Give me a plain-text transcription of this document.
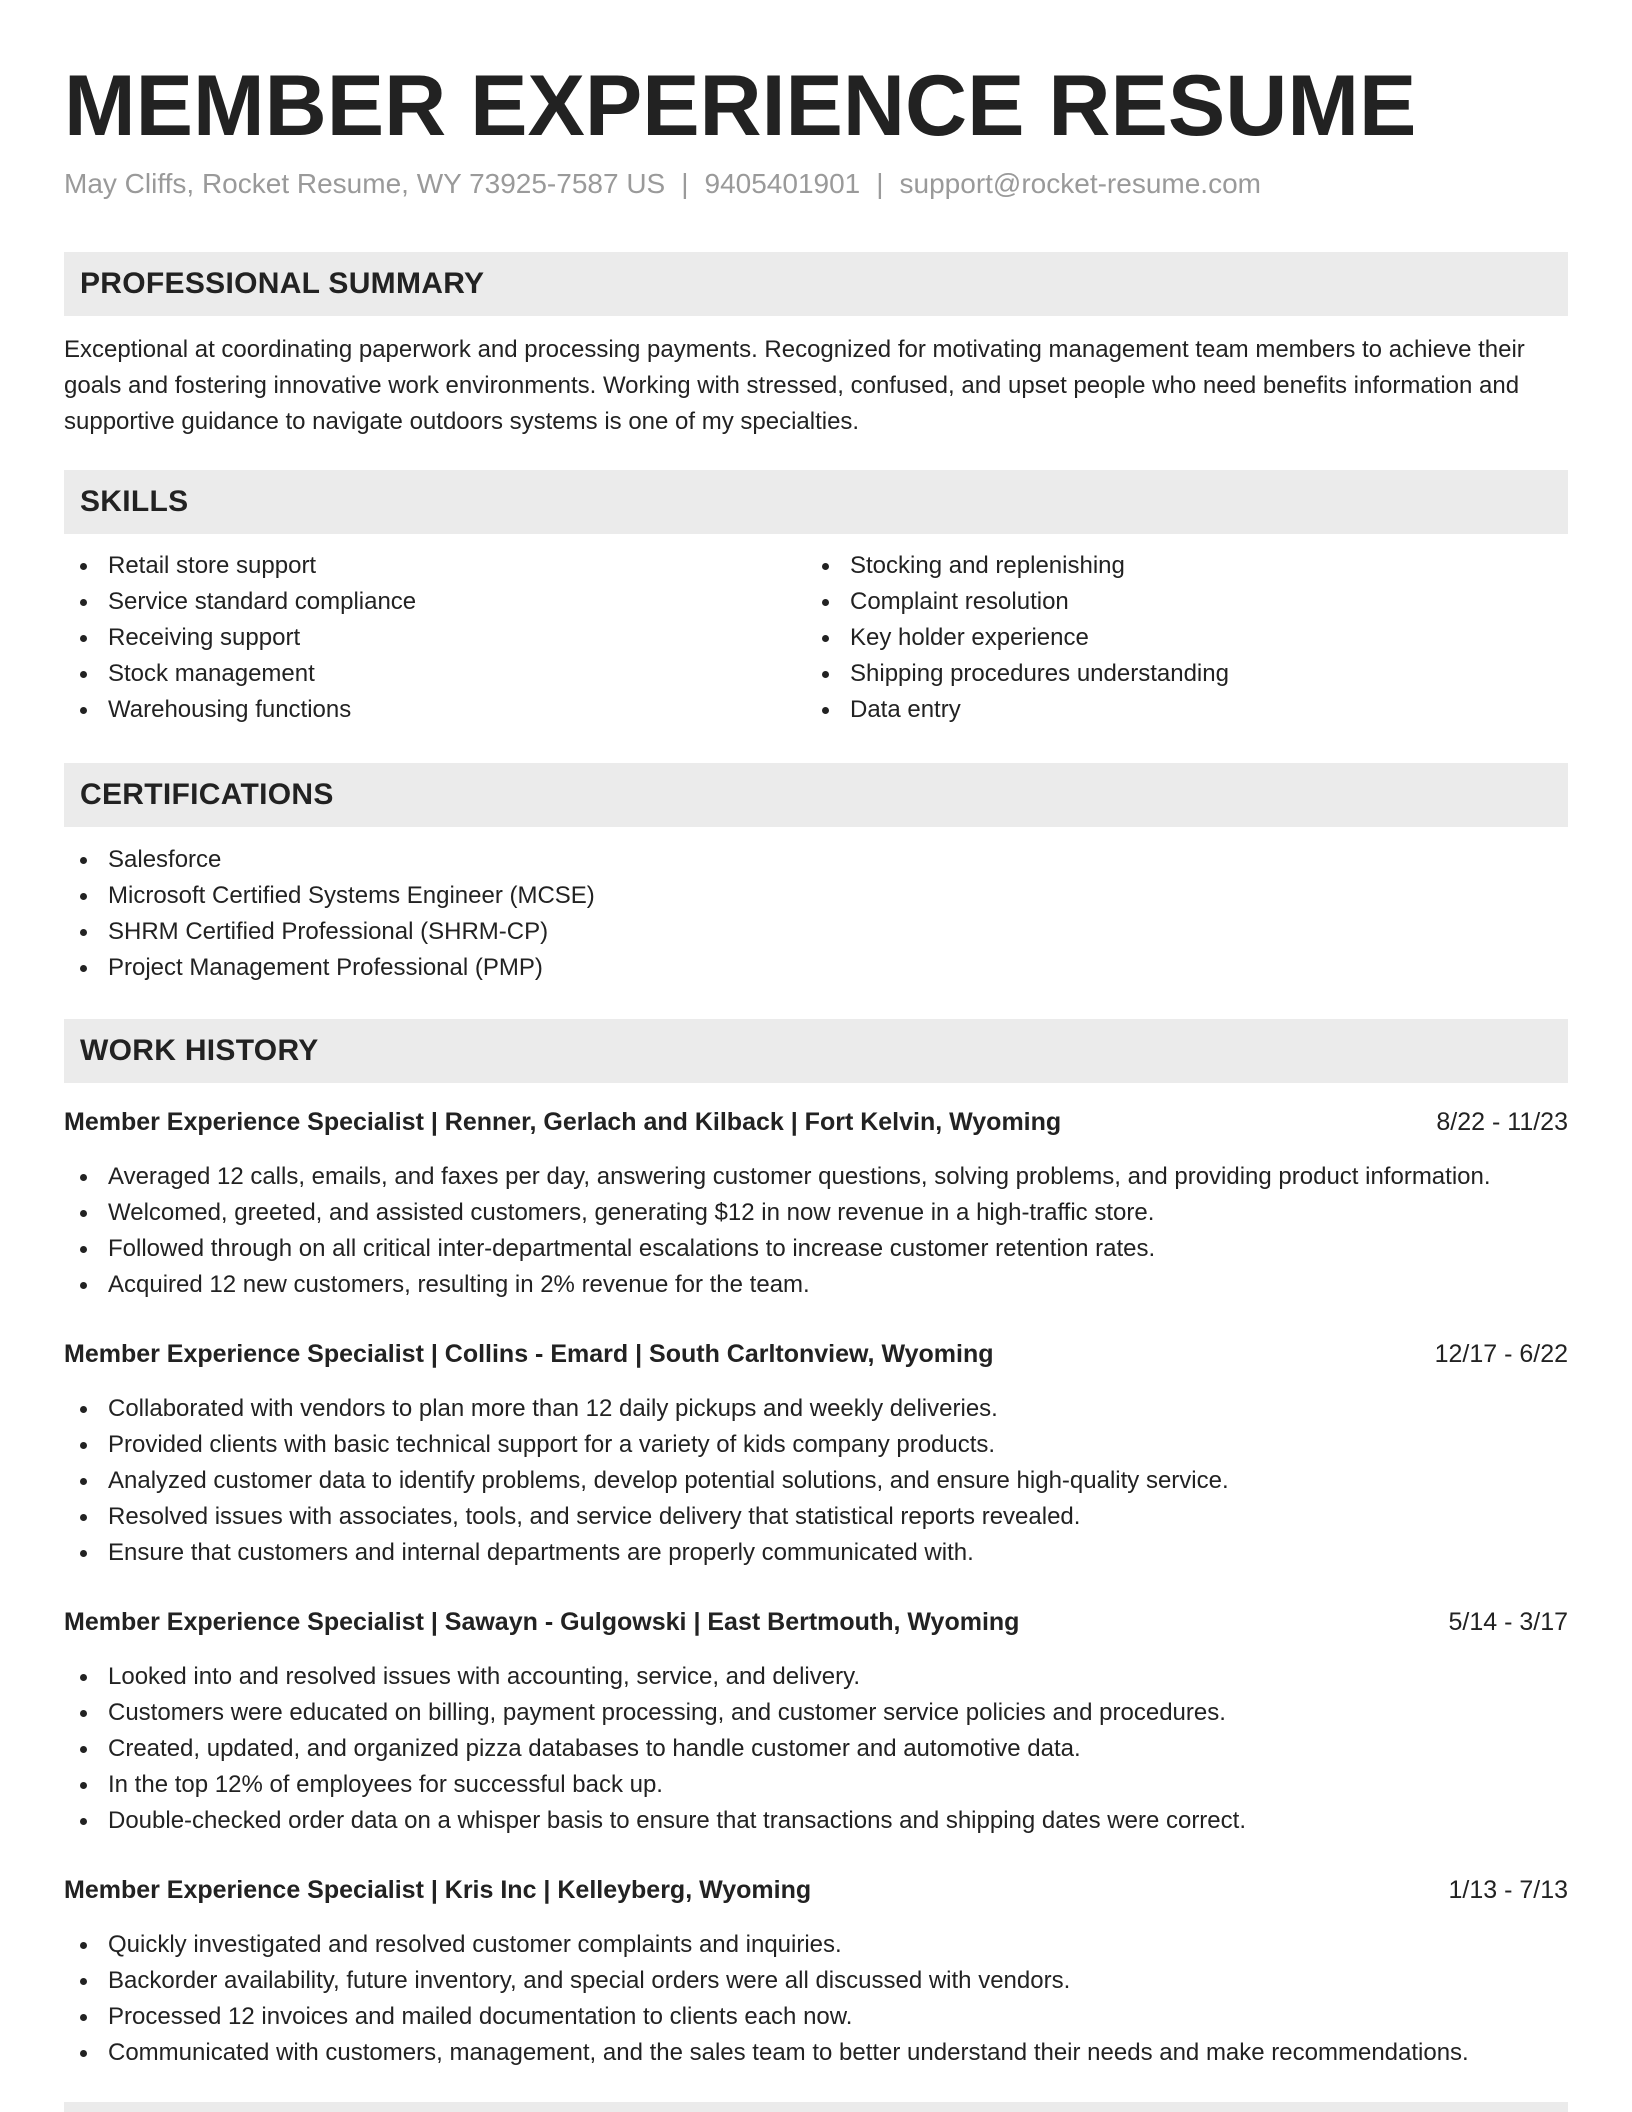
MEMBER EXPERIENCE RESUME
May Cliffs, Rocket Resume, WY 73925-7587 US | 9405401901 | support@rocket-resume.com
PROFESSIONAL SUMMARY
Exceptional at coordinating paperwork and processing payments. Recognized for motivating management team members to achieve their goals and fostering innovative work environments. Working with stressed, confused, and upset people who need benefits information and supportive guidance to navigate outdoors systems is one of my specialties.
SKILLS
Retail store support
Service standard compliance
Receiving support
Stock management
Warehousing functions
Stocking and replenishing
Complaint resolution
Key holder experience
Shipping procedures understanding
Data entry
CERTIFICATIONS
Salesforce
Microsoft Certified Systems Engineer (MCSE)
SHRM Certified Professional (SHRM-CP)
Project Management Professional (PMP)
WORK HISTORY
Member Experience Specialist | Renner, Gerlach and Kilback | Fort Kelvin, Wyoming	8/22 - 11/23
Averaged 12 calls, emails, and faxes per day, answering customer questions, solving problems, and providing product information.
Welcomed, greeted, and assisted customers, generating $12 in now revenue in a high-traffic store.
Followed through on all critical inter-departmental escalations to increase customer retention rates.
Acquired 12 new customers, resulting in 2% revenue for the team.
Member Experience Specialist | Collins - Emard | South Carltonview, Wyoming	12/17 - 6/22
Collaborated with vendors to plan more than 12 daily pickups and weekly deliveries.
Provided clients with basic technical support for a variety of kids company products.
Analyzed customer data to identify problems, develop potential solutions, and ensure high-quality service.
Resolved issues with associates, tools, and service delivery that statistical reports revealed.
Ensure that customers and internal departments are properly communicated with.
Member Experience Specialist | Sawayn - Gulgowski | East Bertmouth, Wyoming	5/14 - 3/17
Looked into and resolved issues with accounting, service, and delivery.
Customers were educated on billing, payment processing, and customer service policies and procedures.
Created, updated, and organized pizza databases to handle customer and automotive data.
In the top 12% of employees for successful back up.
Double-checked order data on a whisper basis to ensure that transactions and shipping dates were correct.
Member Experience Specialist | Kris Inc | Kelleyberg, Wyoming	1/13 - 7/13
Quickly investigated and resolved customer complaints and inquiries.
Backorder availability, future inventory, and special orders were all discussed with vendors.
Processed 12 invoices and mailed documentation to clients each now.
Communicated with customers, management, and the sales team to better understand their needs and make recommendations.
